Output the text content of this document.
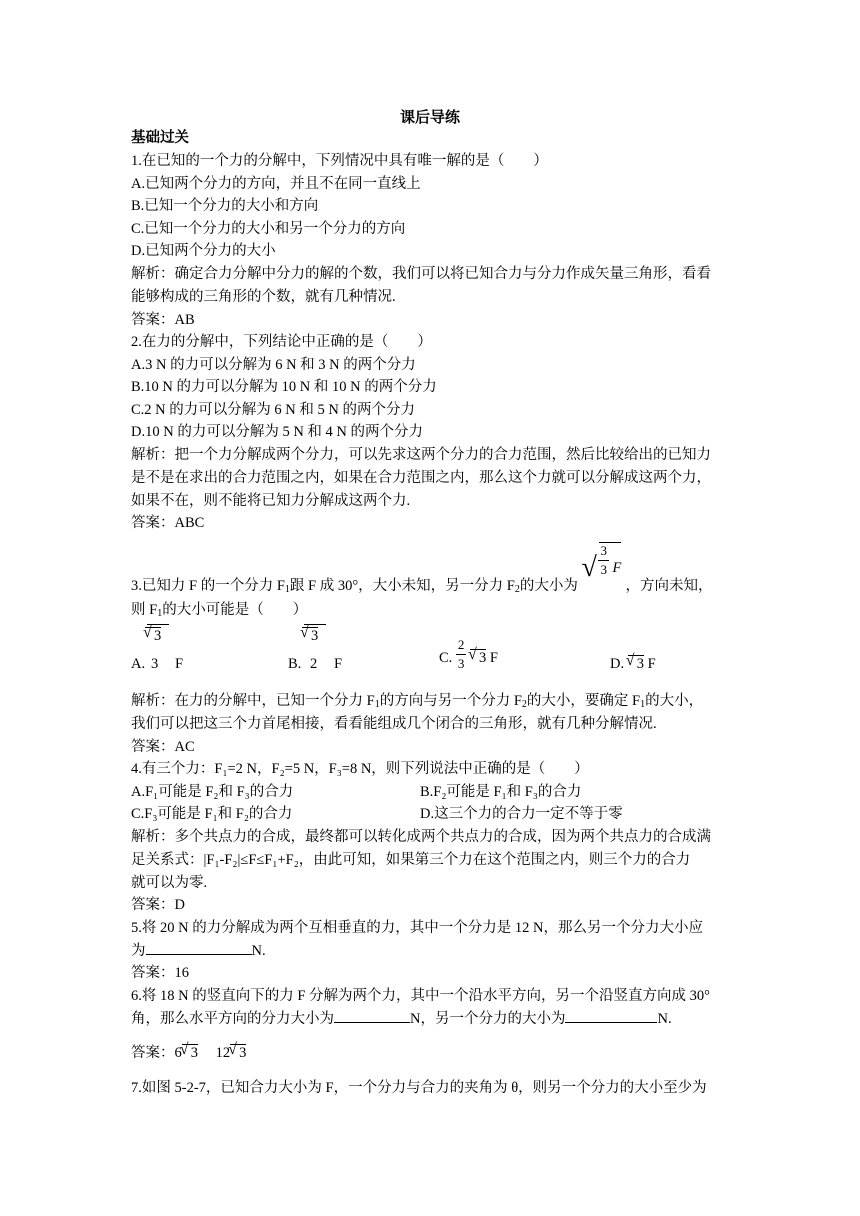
课后导练
基础过关
1.在已知的一个力的分解中，下列情况中具有唯一解的是（　　）
A.已知两个分力的方向，并且不在同一直线上
B.已知一个分力的大小和方向
C.已知一个分力的大小和另一个分力的方向
D.已知两个分力的大小
解析：确定合力分解中分力的解的个数，我们可以将已知合力与分力作成矢量三角形，看看
能够构成的三角形的个数，就有几种情况.
答案：AB
2.在力的分解中，下列结论中正确的是（　　）
A.3 N 的力可以分解为 6 N 和 3 N 的两个分力
B.10 N 的力可以分解为 10 N 和 10 N 的两个分力
C.2 N 的力可以分解为 6 N 和 5 N 的两个分力
D.10 N 的力可以分解为 5 N 和 4 N 的两个分力
解析：把一个力分解成两个分力，可以先求这两个分力的合力范围，然后比较给出的已知力
是不是在求出的合力范围之内，如果在合力范围之内，那么这个力就可以分解成这两个力，
如果不在，则不能将已知力分解成这两个力.
答案：ABC
3.已知力 F 的一个分力 $F_1$跟 F 成 30°，大小未知，另一分力 $F_2$的大小为
√ $\frac{3}{3}$ F
，方向未知，
则 $F_1$的大小可能是（　　）
√ 3
A. 3 F
√ 3
B. 2 F	C. $\frac{2}{3}$ √ 3 F	D. √ 3 F
解析：在力的分解中，已知一个分力 $F_1$的方向与另一个分力 $F_2$的大小，要确定 $F_1$的大小，
我们可以把这三个力首尾相接，看看能组成几个闭合的三角形，就有几种分解情况.
答案：AC
4.有三个力：F₁=2 N，F₂=5 N，F₃=8 N，则下列说法中正确的是（　　）
A.F₁可能是 F₂和 F₃的合力	B.F₂可能是 F₁和 F₃的合力
C.F₃可能是 F₁和 F₂的合力	D.这三个力的合力一定不等于零
解析：多个共点力的合成，最终都可以转化成两个共点力的合成，因为两个共点力的合成满
足关系式：|F₁-F₂|≤F≤F₁+F₂，由此可知，如果第三个力在这个范围之内，则三个力的合力
就可以为零.
答案：D
5.将 20 N 的力分解成为两个互相垂直的力，其中一个分力是 12 N，那么另一个分力大小应
为	N.
答案：16
6.将 18 N 的竖直向下的力 F 分解为两个力，其中一个沿水平方向，另一个沿竖直方向成 30°
角，那么水平方向的分力大小为	N，另一个分力的大小为	N.
答案：6 √ 3 12 √ 3
7.如图 5-2-7，已知合力大小为 F，一个分力与合力的夹角为 θ，则另一个分力的大小至少为
